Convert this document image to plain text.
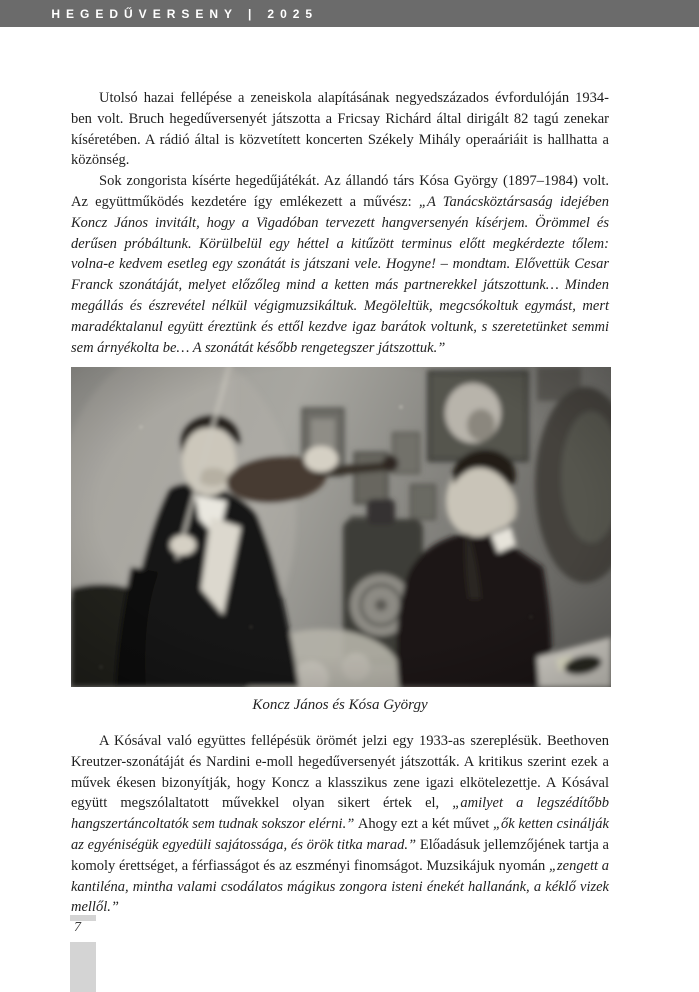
HEGEDŰVERSENY | 2025

Utolsó hazai fellépése a zeneiskola alapításának negyedszázados évfordulóján 1934-ben volt. Bruch hegedűversenyét játszotta a Fricsay Richárd által dirigált 82 tagú zenekar kíséretében. A rádió által is közvetített koncerten Székely Mihály operaáriáit is hallhatta a közönség.

Sok zongorista kísérte hegedűjátékát. Az állandó társ Kósa György (1897–1984) volt. Az együttműködés kezdetére így emlékezett a művész: „A Tanácsköztársaság idejében Koncz János invitált, hogy a Vigadóban tervezett hangversenyén kísérjem. Örömmel és derűsen próbáltunk. Körülbelül egy héttel a kitűzött terminus előtt megkérdezte tőlem: volna-e kedvem esetleg egy szonátát is játszani vele. Hogyne! – mondtam. Elővettük Cesar Franck szonátáját, melyet előzőleg mind a ketten más partnerekkel játszottunk… Minden megállás és észrevétel nélkül végigmuzsikáltuk. Megöleltük, megcsókoltuk egymást, mert maradéktalanul együtt éreztünk és ettől kezdve igaz barátok voltunk, s szeretetünket semmi sem árnyékolta be… A szonátát később rengetegszer játszottuk.”

Koncz János és Kósa György

A Kósával való együttes fellépésük örömét jelzi egy 1933-as szereplésük. Beethoven Kreutzer-szonátáját és Nardini e-moll hegedűversenyét játszották. A kritikus szerint ezek a művek ékesen bizonyítják, hogy Koncz a klasszikus zene igazi elkötelezettje. A Kósával együtt megszólaltatott művekkel olyan sikert értek el, „amilyet a legszédítőbb hangszertáncoltatók sem tudnak sokszor elérni.” Ahogy ezt a két művet „ők ketten csinálják az egyéniségük egyedüli sajátossága, és örök titka marad.” Előadásuk jellemzőjének tartja a komoly érettséget, a férfiasságot és az eszményi finomságot. Muzsikájuk nyomán „zengett a kantiléna, mintha valami csodálatos mágikus zongora isteni énekét hallanánk, a kéklő vizek mellől.”

7
